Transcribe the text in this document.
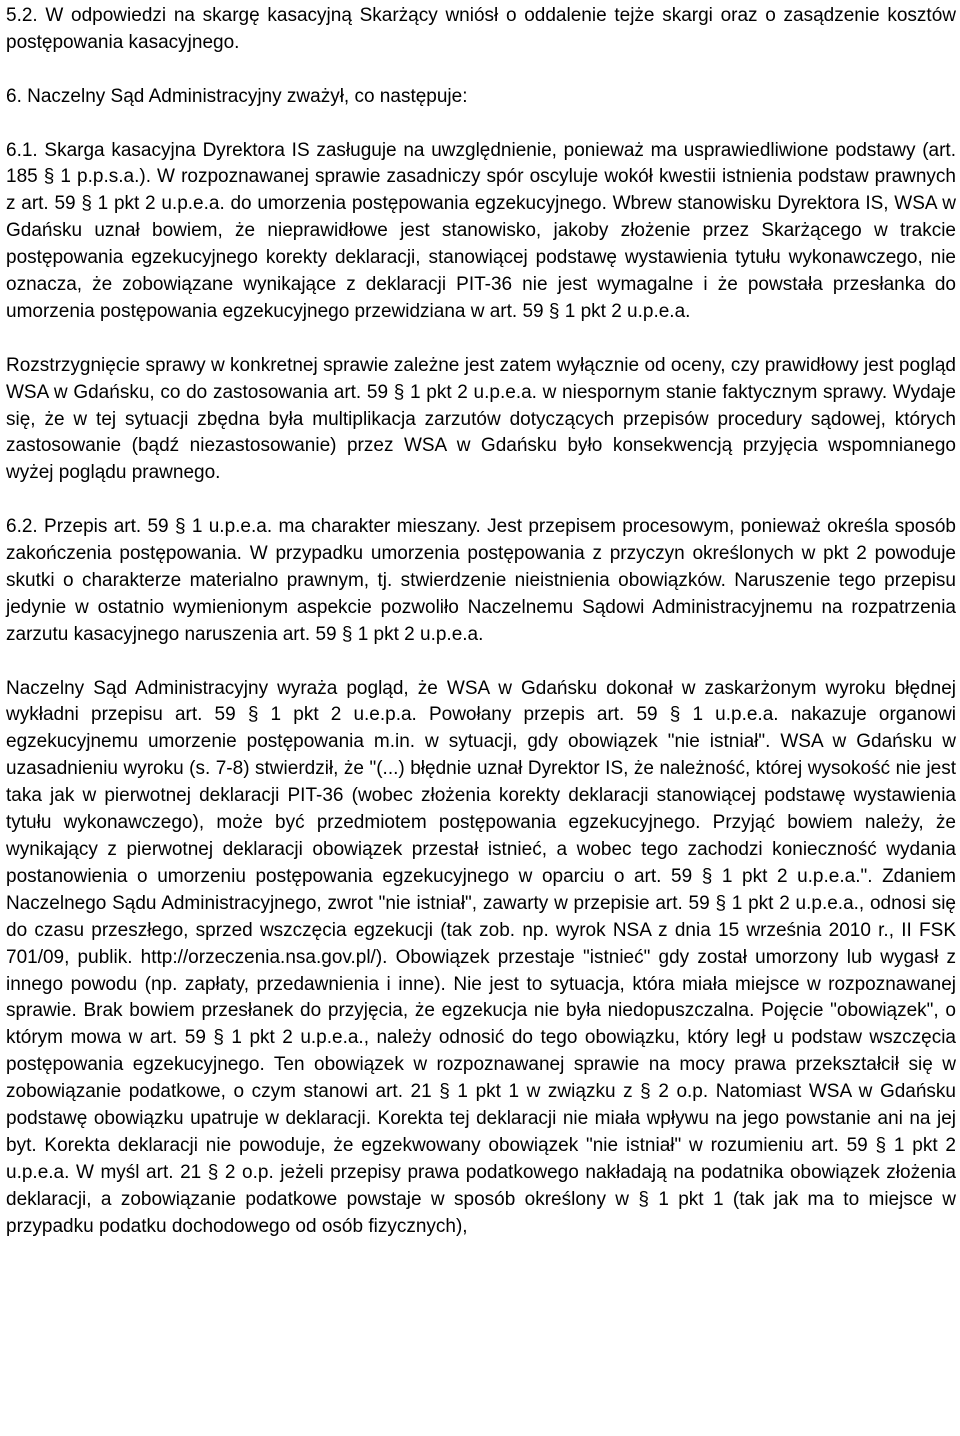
5.2. W odpowiedzi na skargę kasacyjną Skarżący wniósł o oddalenie tejże skargi oraz o zasądzenie kosztów postępowania kasacyjnego.

6. Naczelny Sąd Administracyjny zważył, co następuje:

6.1. Skarga kasacyjna Dyrektora IS zasługuje na uwzględnienie, ponieważ ma usprawiedliwione podstawy (art. 185 § 1 p.p.s.a.). W rozpoznawanej sprawie zasadniczy spór oscyluje wokół kwestii istnienia podstaw prawnych z art. 59 § 1 pkt 2 u.p.e.a. do umorzenia postępowania egzekucyjnego. Wbrew stanowisku Dyrektora IS, WSA w Gdańsku uznał bowiem, że nieprawidłowe jest stanowisko, jakoby złożenie przez Skarżącego w trakcie postępowania egzekucyjnego korekty deklaracji, stanowiącej podstawę wystawienia tytułu wykonawczego, nie oznacza, że zobowiązane wynikające z deklaracji PIT-36 nie jest wymagalne i że powstała przesłanka do umorzenia postępowania egzekucyjnego przewidziana w art. 59 § 1 pkt 2 u.p.e.a.

Rozstrzygnięcie sprawy w konkretnej sprawie zależne jest zatem wyłącznie od oceny, czy prawidłowy jest pogląd WSA w Gdańsku, co do zastosowania art. 59 § 1 pkt 2 u.p.e.a. w niespornym stanie faktycznym sprawy. Wydaje się, że w tej sytuacji zbędna była multiplikacja zarzutów dotyczących przepisów procedury sądowej, których zastosowanie (bądź niezastosowanie) przez WSA w Gdańsku było konsekwencją przyjęcia wspomnianego wyżej poglądu prawnego.

6.2. Przepis art. 59 § 1 u.p.e.a. ma charakter mieszany. Jest przepisem procesowym, ponieważ określa sposób zakończenia postępowania. W przypadku umorzenia postępowania z przyczyn określonych w pkt 2 powoduje skutki o charakterze materialno prawnym, tj. stwierdzenie nieistnienia obowiązków. Naruszenie tego przepisu jedynie w ostatnio wymienionym aspekcie pozwoliło Naczelnemu Sądowi Administracyjnemu na rozpatrzenia zarzutu kasacyjnego naruszenia art. 59 § 1 pkt 2 u.p.e.a.

Naczelny Sąd Administracyjny wyraża pogląd, że WSA w Gdańsku dokonał w zaskarżonym wyroku błędnej wykładni przepisu art. 59 § 1 pkt 2 u.e.p.a. Powołany przepis art. 59 § 1 u.p.e.a. nakazuje organowi egzekucyjnemu umorzenie postępowania m.in. w sytuacji, gdy obowiązek "nie istniał". WSA w Gdańsku w uzasadnieniu wyroku (s. 7-8) stwierdził, że "(...) błędnie uznał Dyrektor IS, że należność, której wysokość nie jest taka jak w pierwotnej deklaracji PIT-36 (wobec złożenia korekty deklaracji stanowiącej podstawę wystawienia tytułu wykonawczego), może być przedmiotem postępowania egzekucyjnego. Przyjąć bowiem należy, że wynikający z pierwotnej deklaracji obowiązek przestał istnieć, a wobec tego zachodzi konieczność wydania postanowienia o umorzeniu postępowania egzekucyjnego w oparciu o art. 59 § 1 pkt 2 u.p.e.a.". Zdaniem Naczelnego Sądu Administracyjnego, zwrot "nie istniał", zawarty w przepisie art. 59 § 1 pkt 2 u.p.e.a., odnosi się do czasu przeszłego, sprzed wszczęcia egzekucji (tak zob. np. wyrok NSA z dnia 15 września 2010 r., II FSK 701/09, publik. http://orzeczenia.nsa.gov.pl/). Obowiązek przestaje "istnieć" gdy został umorzony lub wygasł z innego powodu (np. zapłaty, przedawnienia i inne). Nie jest to sytuacja, która miała miejsce w rozpoznawanej sprawie. Brak bowiem przesłanek do przyjęcia, że egzekucja nie była niedopuszczalna. Pojęcie "obowiązek", o którym mowa w art. 59 § 1 pkt 2 u.p.e.a., należy odnosić do tego obowiązku, który legł u podstaw wszczęcia postępowania egzekucyjnego. Ten obowiązek w rozpoznawanej sprawie na mocy prawa przekształcił się w zobowiązanie podatkowe, o czym stanowi art. 21 § 1 pkt 1 w związku z § 2 o.p. Natomiast WSA w Gdańsku podstawę obowiązku upatruje w deklaracji. Korekta tej deklaracji nie miała wpływu na jego powstanie ani na jej byt. Korekta deklaracji nie powoduje, że egzekwowany obowiązek "nie istniał" w rozumieniu art. 59 § 1 pkt 2 u.p.e.a. W myśl art. 21 § 2 o.p. jeżeli przepisy prawa podatkowego nakładają na podatnika obowiązek złożenia deklaracji, a zobowiązanie podatkowe powstaje w sposób określony w § 1 pkt 1 (tak jak ma to miejsce w przypadku podatku dochodowego od osób fizycznych),
